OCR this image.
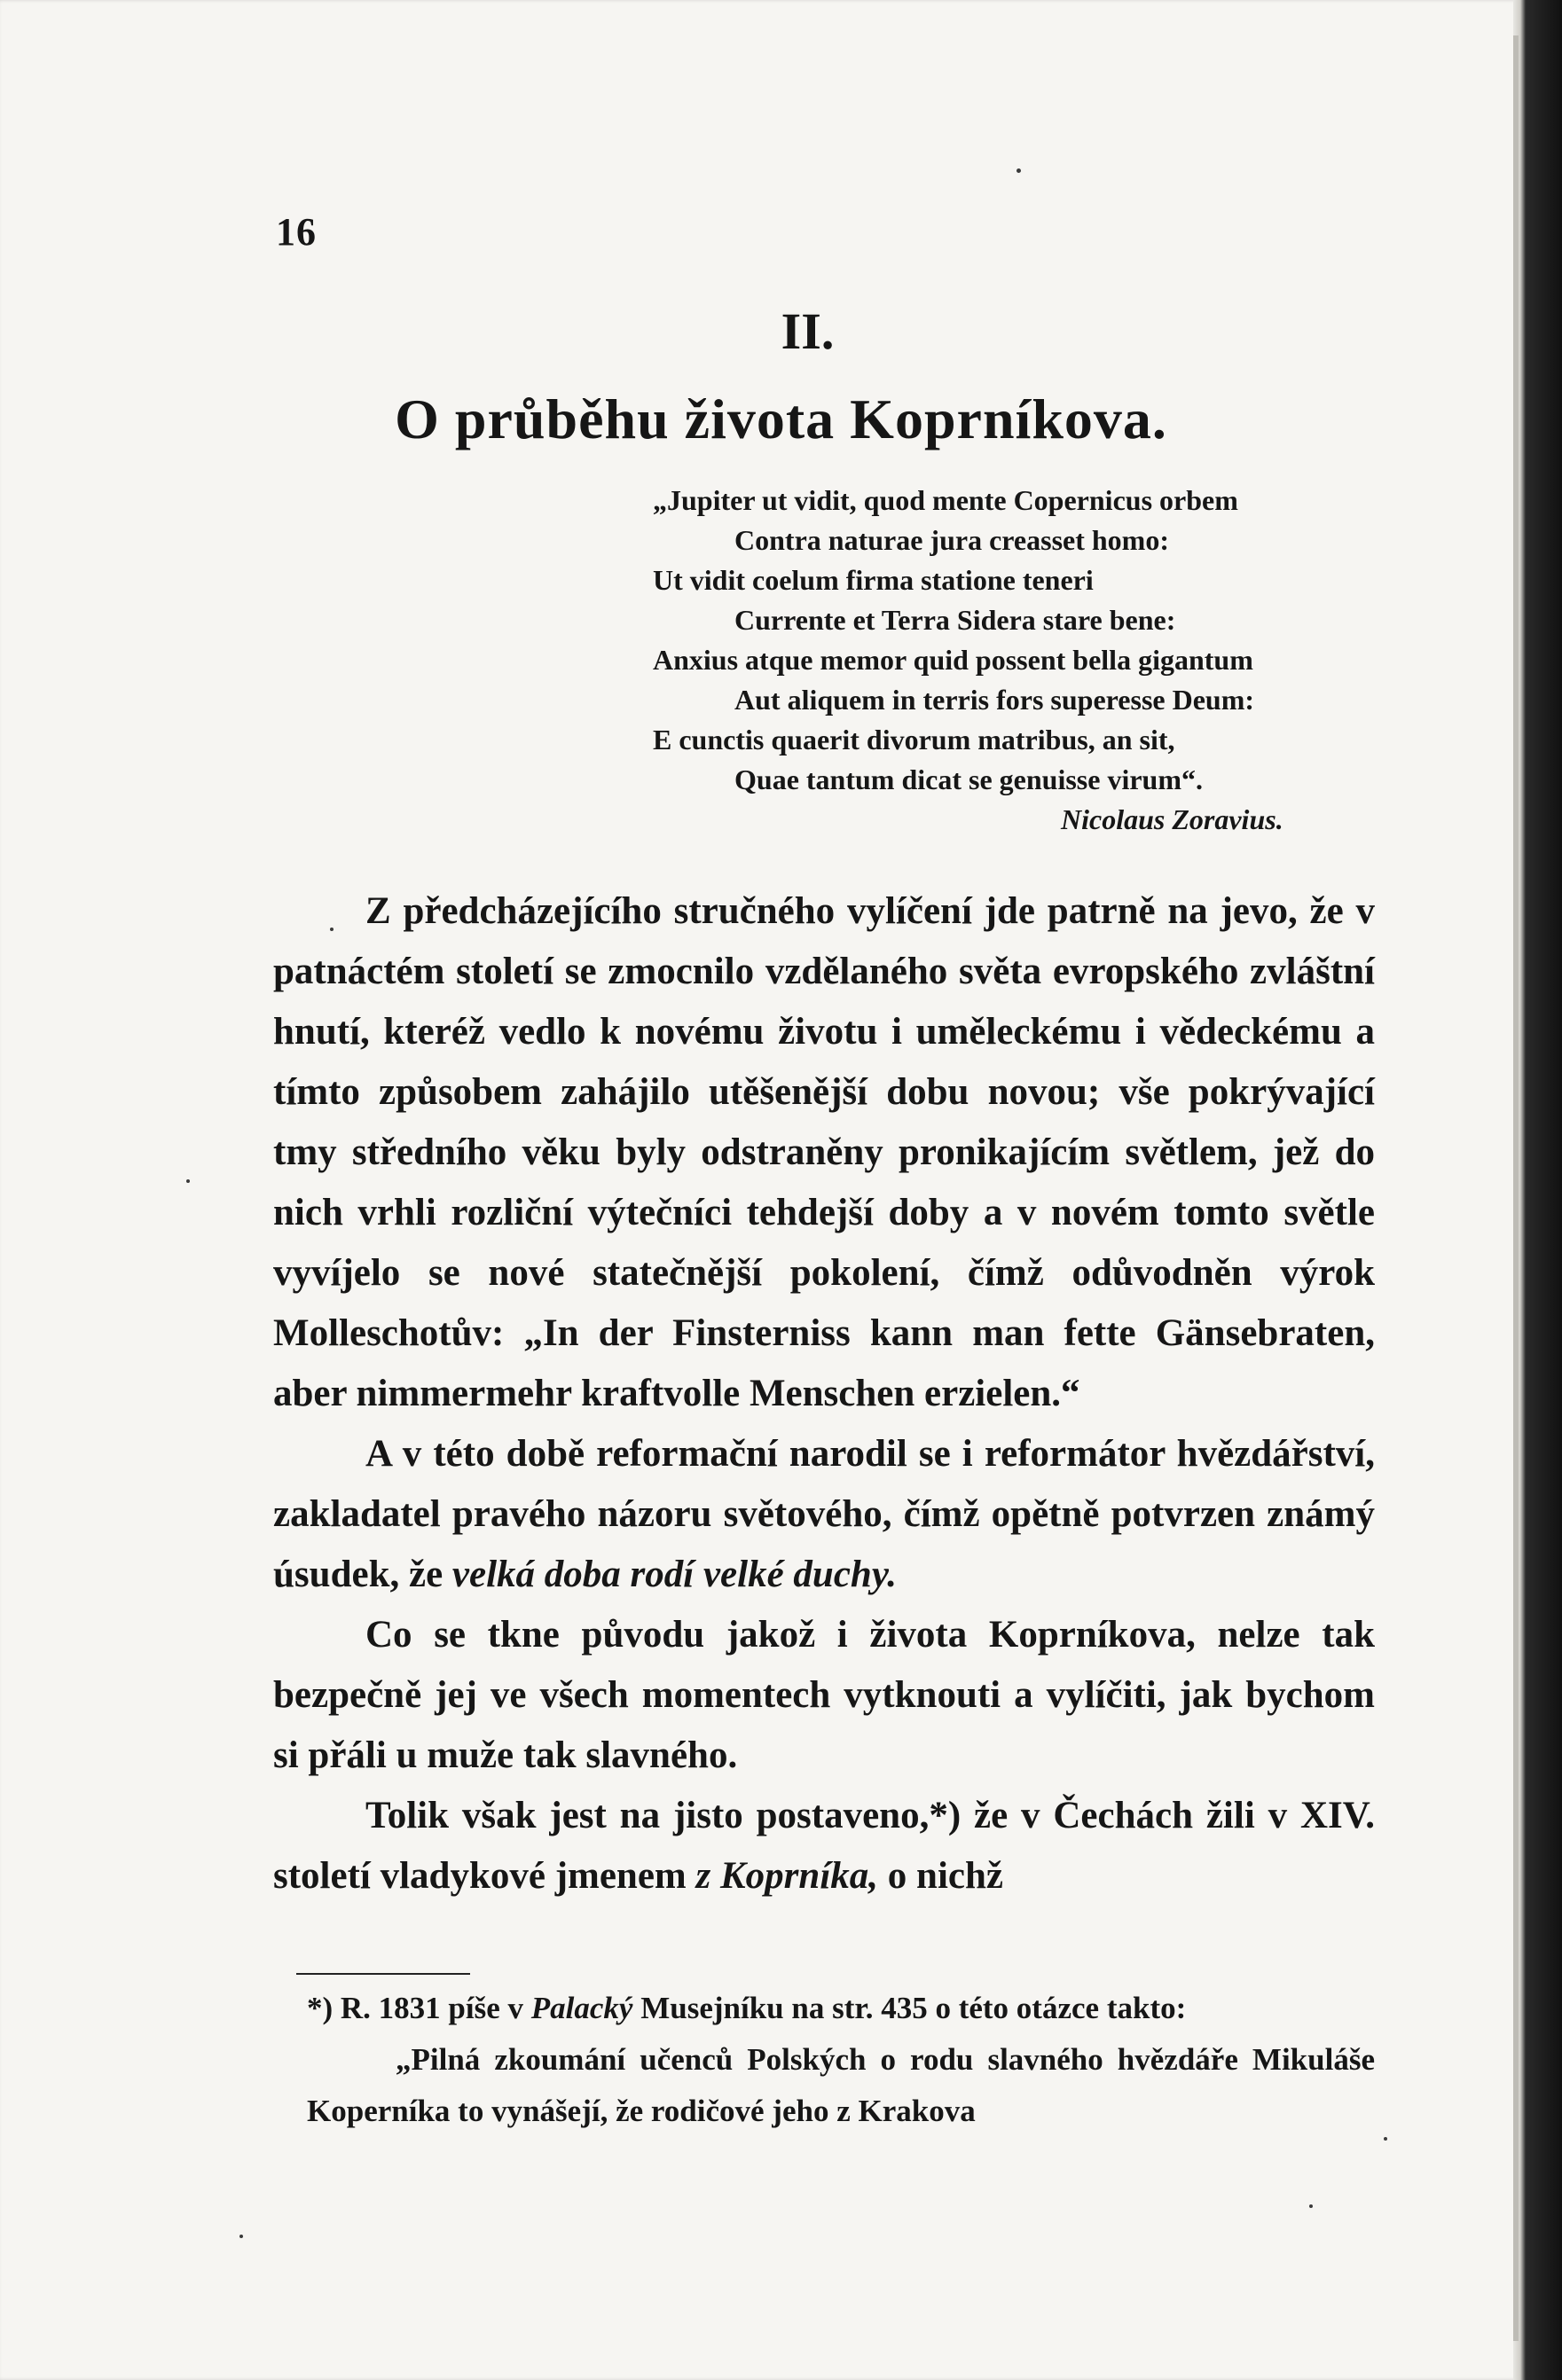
16
II.
O průběhu života Koprníkova.
„Jupiter ut vidit, quod mente Copernicus orbem
Contra naturae jura creasset homo:
Ut vidit coelum firma statione teneri
Currente et Terra Sidera stare bene:
Anxius atque memor quid possent bella gigantum
Aut aliquem in terris fors superesse Deum:
E cunctis quaerit divorum matribus, an sit,
Quae tantum dicat se genuisse virum“.
Nicolaus Zoravius.

Z předcházejícího stručného vylíčení jde patrně na jevo, že v patnáctém století se zmocnilo vzdělaného světa evropského zvláštní hnutí, kteréž vedlo k novému životu i uměleckému i vědeckému a tímto způsobem zahájilo utěšenější dobu novou; vše pokrývající tmy středního věku byly odstraněny pronikajícím světlem, jež do nich vrhli rozliční výtečníci tehdejší doby a v novém tomto světle vyvíjelo se nové statečnější pokolení, čímž odůvodněn výrok Molleschotův: „In der Finsterniss kann man fette Gänsebraten, aber nimmermehr kraftvolle Menschen erzielen.“

A v této době reformační narodil se i reformátor hvězdářství, zakladatel pravého názoru světového, čímž opětně potvrzen známý úsudek, že velká doba rodí velké duchy.

Co se tkne původu jakož i života Koprníkova, nelze tak bezpečně jej ve všech momentech vytknouti a vylíčiti, jak bychom si přáli u muže tak slavného.

Tolik však jest na jisto postaveno,*) že v Čechách žili v XIV. století vladykové jmenem z Koprníka, o nichž

*) R. 1831 píše v Palacký Musejníku na str. 435 o této otázce takto:

„Pilná zkoumání učenců Polských o rodu slavného hvězdáře Mikuláše Koperníka to vynášejí, že rodičové jeho z Krakova
